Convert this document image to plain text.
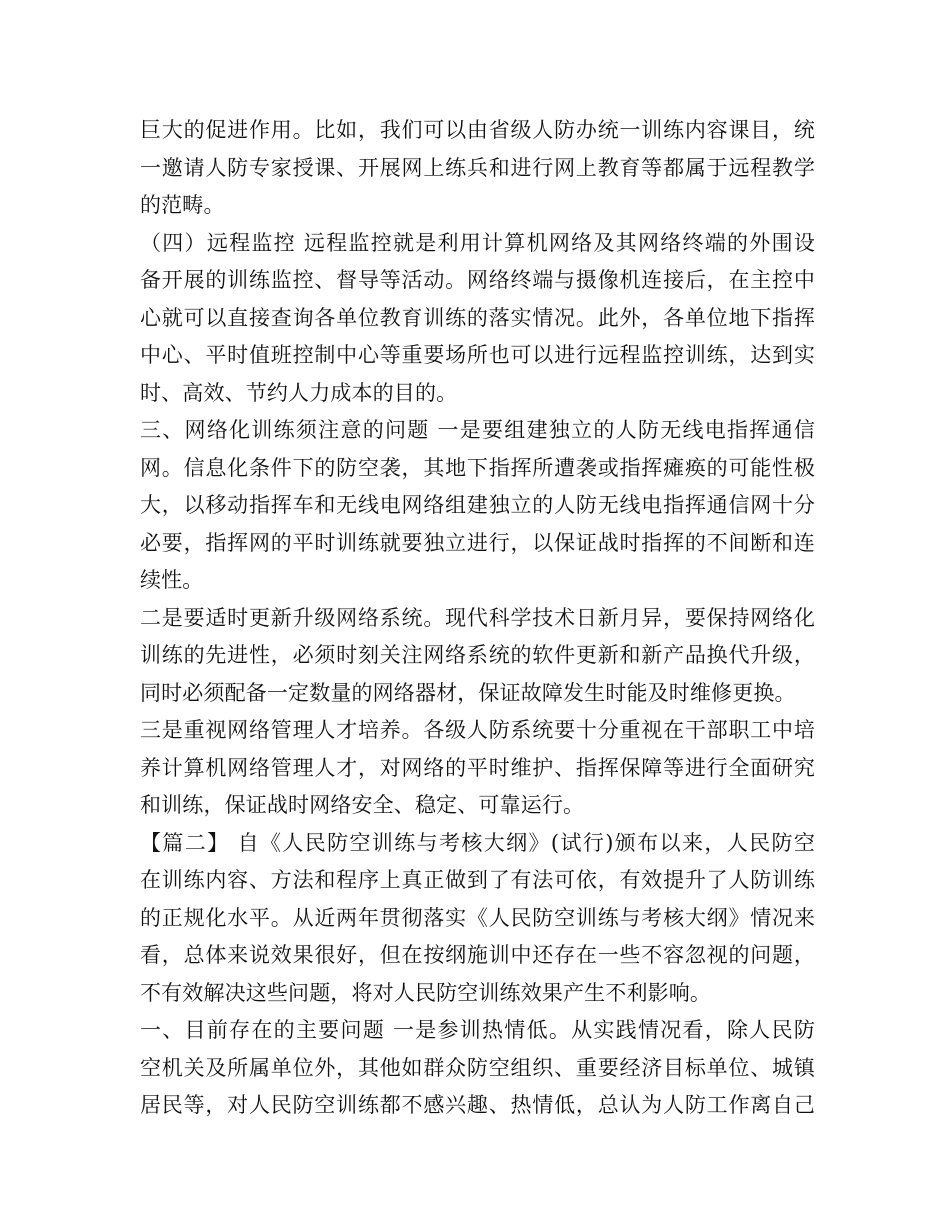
巨大的促进作用。比如，我们可以由省级人防办统一训练内容课目，统
一邀请人防专家授课、开展网上练兵和进行网上教育等都属于远程教学
的范畴。
（四）远程监控 远程监控就是利用计算机网络及其网络终端的外围设
备开展的训练监控、督导等活动。网络终端与摄像机连接后，在主控中
心就可以直接查询各单位教育训练的落实情况。此外，各单位地下指挥
中心、平时值班控制中心等重要场所也可以进行远程监控训练，达到实
时、高效、节约人力成本的目的。
三、网络化训练须注意的问题 一是要组建独立的人防无线电指挥通信
网。信息化条件下的防空袭，其地下指挥所遭袭或指挥瘫痪的可能性极
大，以移动指挥车和无线电网络组建独立的人防无线电指挥通信网十分
必要，指挥网的平时训练就要独立进行，以保证战时指挥的不间断和连
续性。
二是要适时更新升级网络系统。现代科学技术日新月异，要保持网络化
训练的先进性，必须时刻关注网络系统的软件更新和新产品换代升级，
同时必须配备一定数量的网络器材，保证故障发生时能及时维修更换。
三是重视网络管理人才培养。各级人防系统要十分重视在干部职工中培
养计算机网络管理人才，对网络的平时维护、指挥保障等进行全面研究
和训练，保证战时网络安全、稳定、可靠运行。
【篇二】 自《人民防空训练与考核大纲》(试行)颁布以来，人民防空
在训练内容、方法和程序上真正做到了有法可依，有效提升了人防训练
的正规化水平。从近两年贯彻落实《人民防空训练与考核大纲》情况来
看，总体来说效果很好，但在按纲施训中还存在一些不容忽视的问题，
不有效解决这些问题，将对人民防空训练效果产生不利影响。
一、目前存在的主要问题 一是参训热情低。从实践情况看，除人民防
空机关及所属单位外，其他如群众防空组织、重要经济目标单位、城镇
居民等，对人民防空训练都不感兴趣、热情低，总认为人防工作离自己
